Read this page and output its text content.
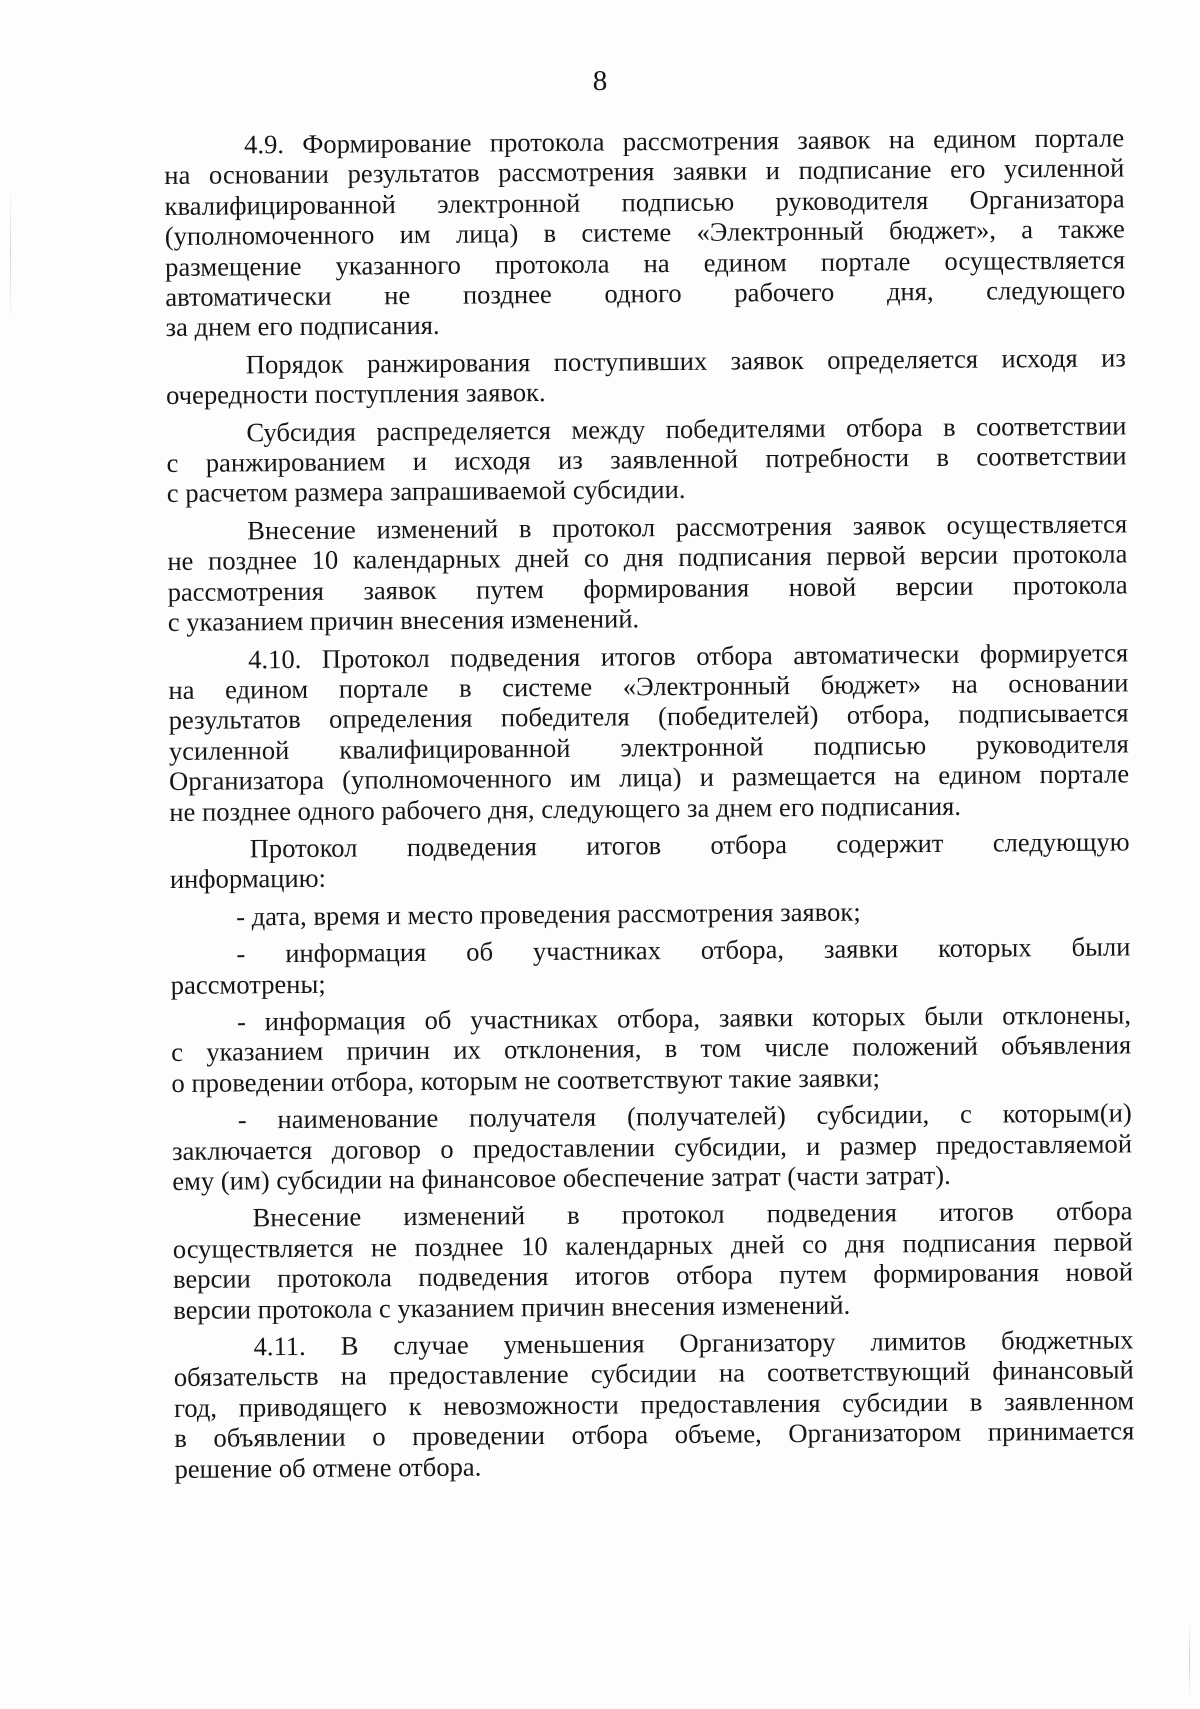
8
4.9. Формирование протокола рассмотрения заявок на едином портале
на основании результатов рассмотрения заявки и подписание его усиленной
квалифицированной электронной подписью руководителя Организатора
(уполномоченного им лица) в системе «Электронный бюджет», а также
размещение указанного протокола на едином портале осуществляется
автоматически не позднее одного рабочего дня, следующего
за днем его подписания.
Порядок ранжирования поступивших заявок определяется исходя из
очередности поступления заявок.
Субсидия распределяется между победителями отбора в соответствии
с ранжированием и исходя из заявленной потребности в соответствии
с расчетом размера запрашиваемой субсидии.
Внесение изменений в протокол рассмотрения заявок осуществляется
не позднее 10 календарных дней со дня подписания первой версии протокола
рассмотрения заявок путем формирования новой версии протокола
с указанием причин внесения изменений.
4.10. Протокол подведения итогов отбора автоматически формируется
на едином портале в системе «Электронный бюджет» на основании
результатов определения победителя (победителей) отбора, подписывается
усиленной квалифицированной электронной подписью руководителя
Организатора (уполномоченного им лица) и размещается на едином портале
не позднее одного рабочего дня, следующего за днем его подписания.
Протокол подведения итогов отбора содержит следующую
информацию:
- дата, время и место проведения рассмотрения заявок;
- информация об участниках отбора, заявки которых были
рассмотрены;
- информация об участниках отбора, заявки которых были отклонены,
с указанием причин их отклонения, в том числе положений объявления
о проведении отбора, которым не соответствуют такие заявки;
- наименование получателя (получателей) субсидии, с которым(и)
заключается договор о предоставлении субсидии, и размер предоставляемой
ему (им) субсидии на финансовое обеспечение затрат (части затрат).
Внесение изменений в протокол подведения итогов отбора
осуществляется не позднее 10 календарных дней со дня подписания первой
версии протокола подведения итогов отбора путем формирования новой
версии протокола с указанием причин внесения изменений.
4.11. В случае уменьшения Организатору лимитов бюджетных
обязательств на предоставление субсидии на соответствующий финансовый
год, приводящего к невозможности предоставления субсидии в заявленном
в объявлении о проведении отбора объеме, Организатором принимается
решение об отмене отбора.
